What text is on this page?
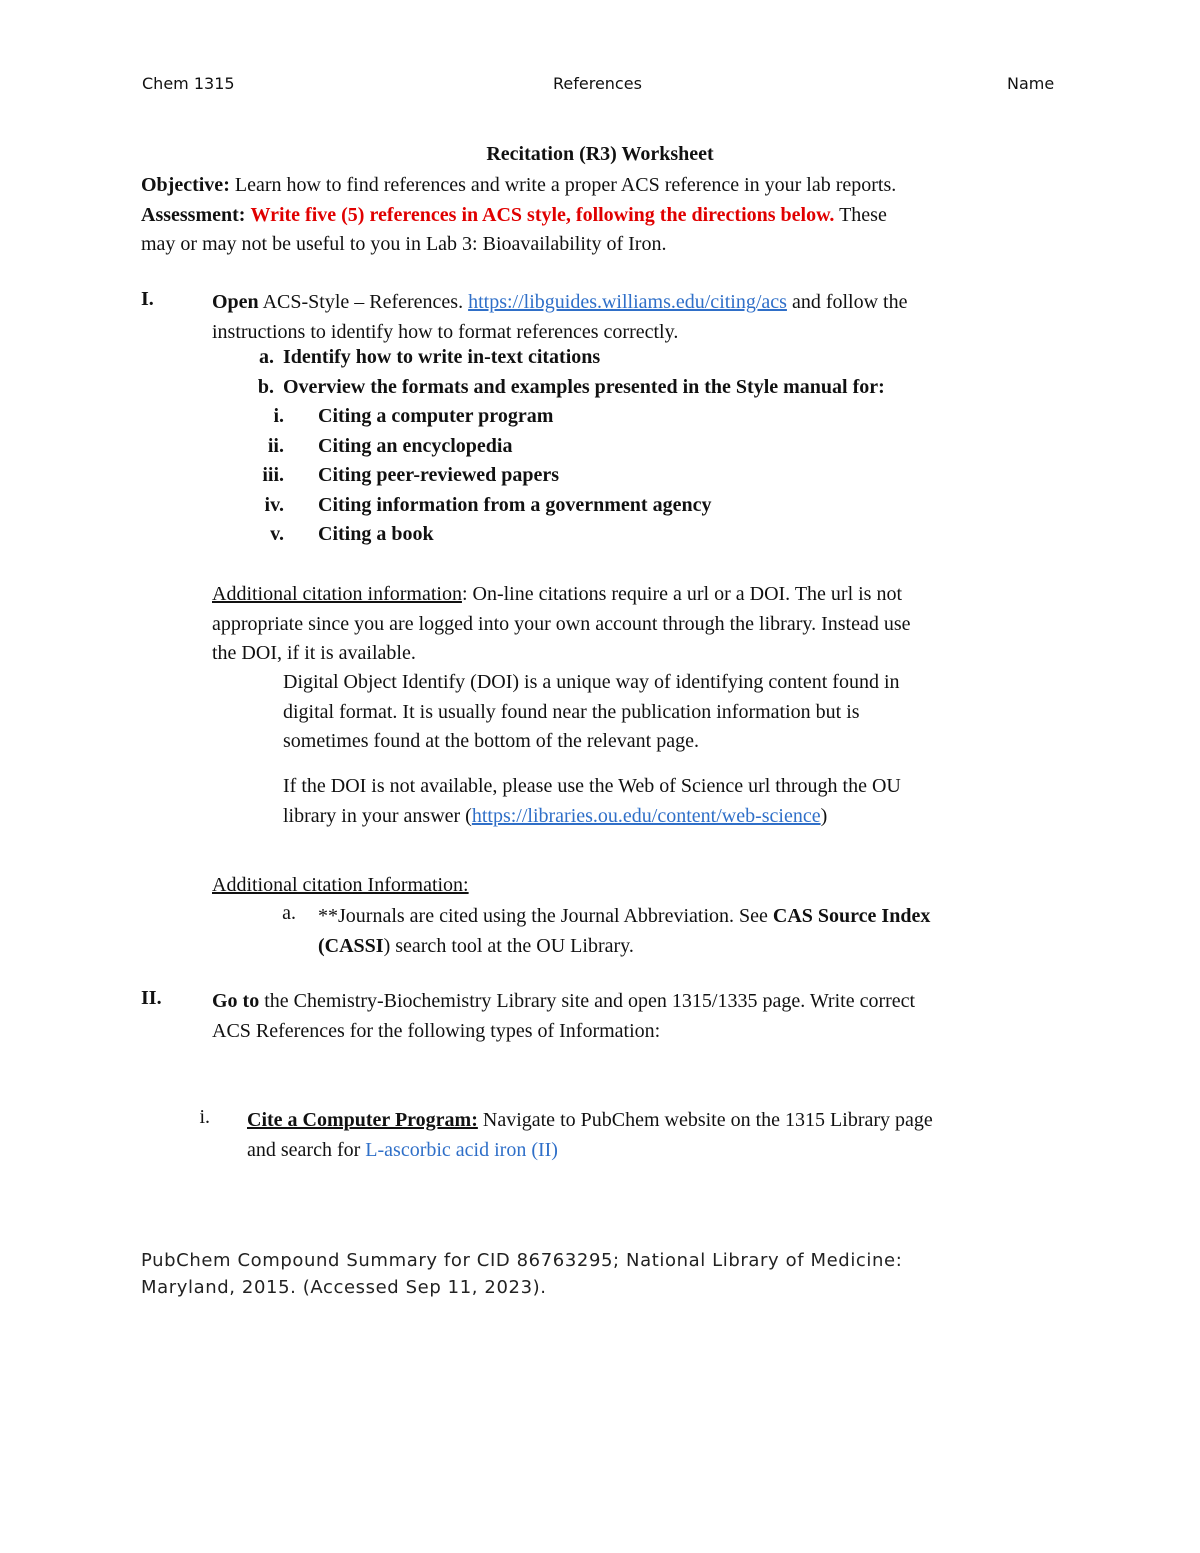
Chem 1315	References	Name
Recitation (R3) Worksheet
Objective: Learn how to find references and write a proper ACS reference in your lab reports.
Assessment: Write five (5) references in ACS style, following the directions below. These
may or may not be useful to you in Lab 3: Bioavailability of Iron.
I.	Open ACS-Style – References. https://libguides.williams.edu/citing/acs and follow the
instructions to identify how to format references correctly.
a. Identify how to write in-text citations
b. Overview the formats and examples presented in the Style manual for:
i. Citing a computer program
ii. Citing an encyclopedia
iii. Citing peer-reviewed papers
iv. Citing information from a government agency
v. Citing a book
Additional citation information: On-line citations require a url or a DOI. The url is not
appropriate since you are logged into your own account through the library. Instead use
the DOI, if it is available.
Digital Object Identify (DOI) is a unique way of identifying content found in
digital format. It is usually found near the publication information but is
sometimes found at the bottom of the relevant page.
If the DOI is not available, please use the Web of Science url through the OU
library in your answer (https://libraries.ou.edu/content/web-science)
Additional citation Information:
a. **Journals are cited using the Journal Abbreviation. See CAS Source Index
(CASSI) search tool at the OU Library.
II.	Go to the Chemistry-Biochemistry Library site and open 1315/1335 page. Write correct
ACS References for the following types of Information:
i. Cite a Computer Program: Navigate to PubChem website on the 1315 Library page
and search for L-ascorbic acid iron (II)
PubChem Compound Summary for CID 86763295; National Library of Medicine:
Maryland, 2015. (Accessed Sep 11, 2023).
